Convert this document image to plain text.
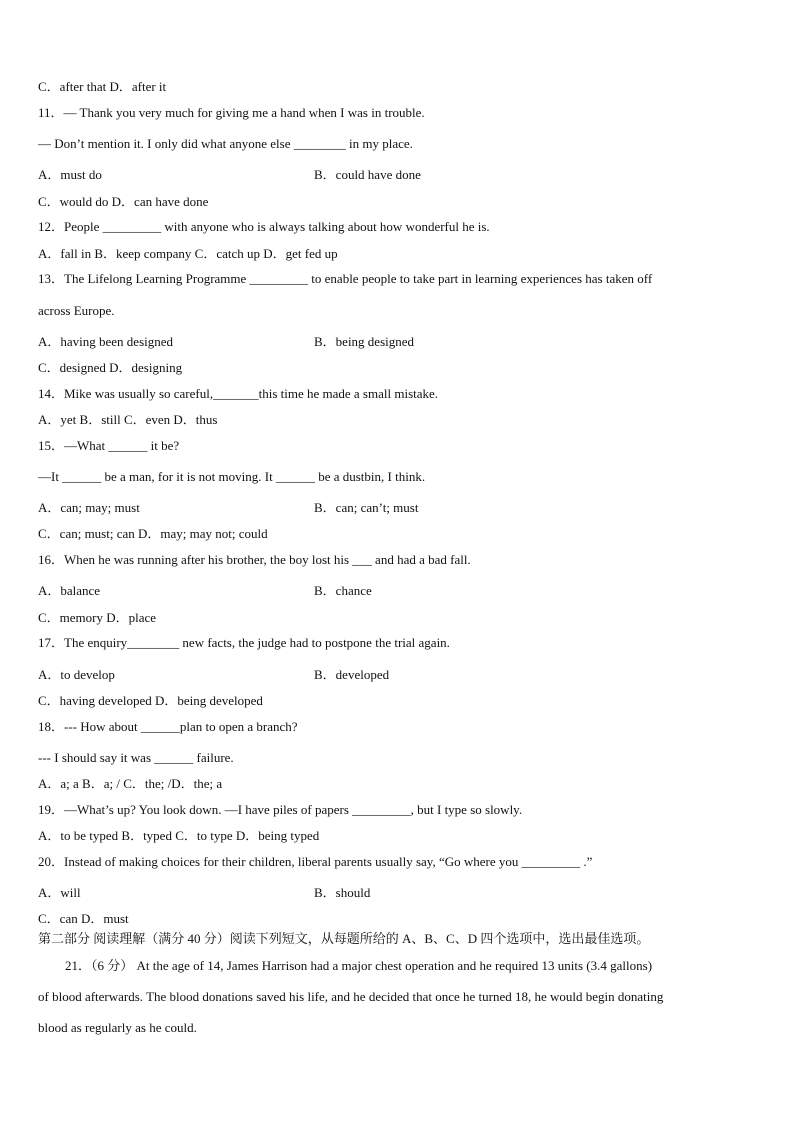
C．after that D．after it
11．— Thank you very much for giving me a hand when I was in trouble.
— Don’t mention it. I only did what anyone else ________ in my place.
A．must do	B．could have done
C．would do D．can have done
12．People _________ with anyone who is always talking about how wonderful he is.
A．fall in B．keep company C．catch up D．get fed up
13．The Lifelong Learning Programme _________ to enable people to take part in learning experiences has taken off
across Europe.
A．having been designed	B．being designed
C．designed D．designing
14．Mike was usually so careful,_______this time he made a small mistake.
A．yet B．still C．even D．thus
15．—What ______ it be?
—It ______ be a man, for it is not moving. It ______ be a dustbin, I think.
A．can; may; must	B．can; can’t; must
C．can; must; can D．may; may not; could
16．When he was running after his brother, the boy lost his ___ and had a bad fall.
A．balance	B．chance
C．memory D．place
17．The enquiry________ new facts, the judge had to postpone the trial again.
A．to develop	B．developed
C．having developed D．being developed
18．--- How about ______plan to open a branch?
--- I should say it was ______ failure.
A．a; a B．a; / C．the; /D．the; a
19．—What’s up? You look down. —I have piles of papers _________, but I type so slowly.
A．to be typed B．typed C．to type D．being typed
20．Instead of making choices for their children, liberal parents usually say, “Go where you _________ .”
A．will	B．should
C．can D．must
第二部分 阅读理解（满分 40 分）阅读下列短文，从每题所给的 A、B、C、D 四个选项中，选出最佳选项。
21．（6 分） At the age of 14, James Harrison had a major chest operation and he required 13 units (3.4 gallons)
of blood afterwards. The blood donations saved his life, and he decided that once he turned 18, he would begin donating
blood as regularly as he could.
